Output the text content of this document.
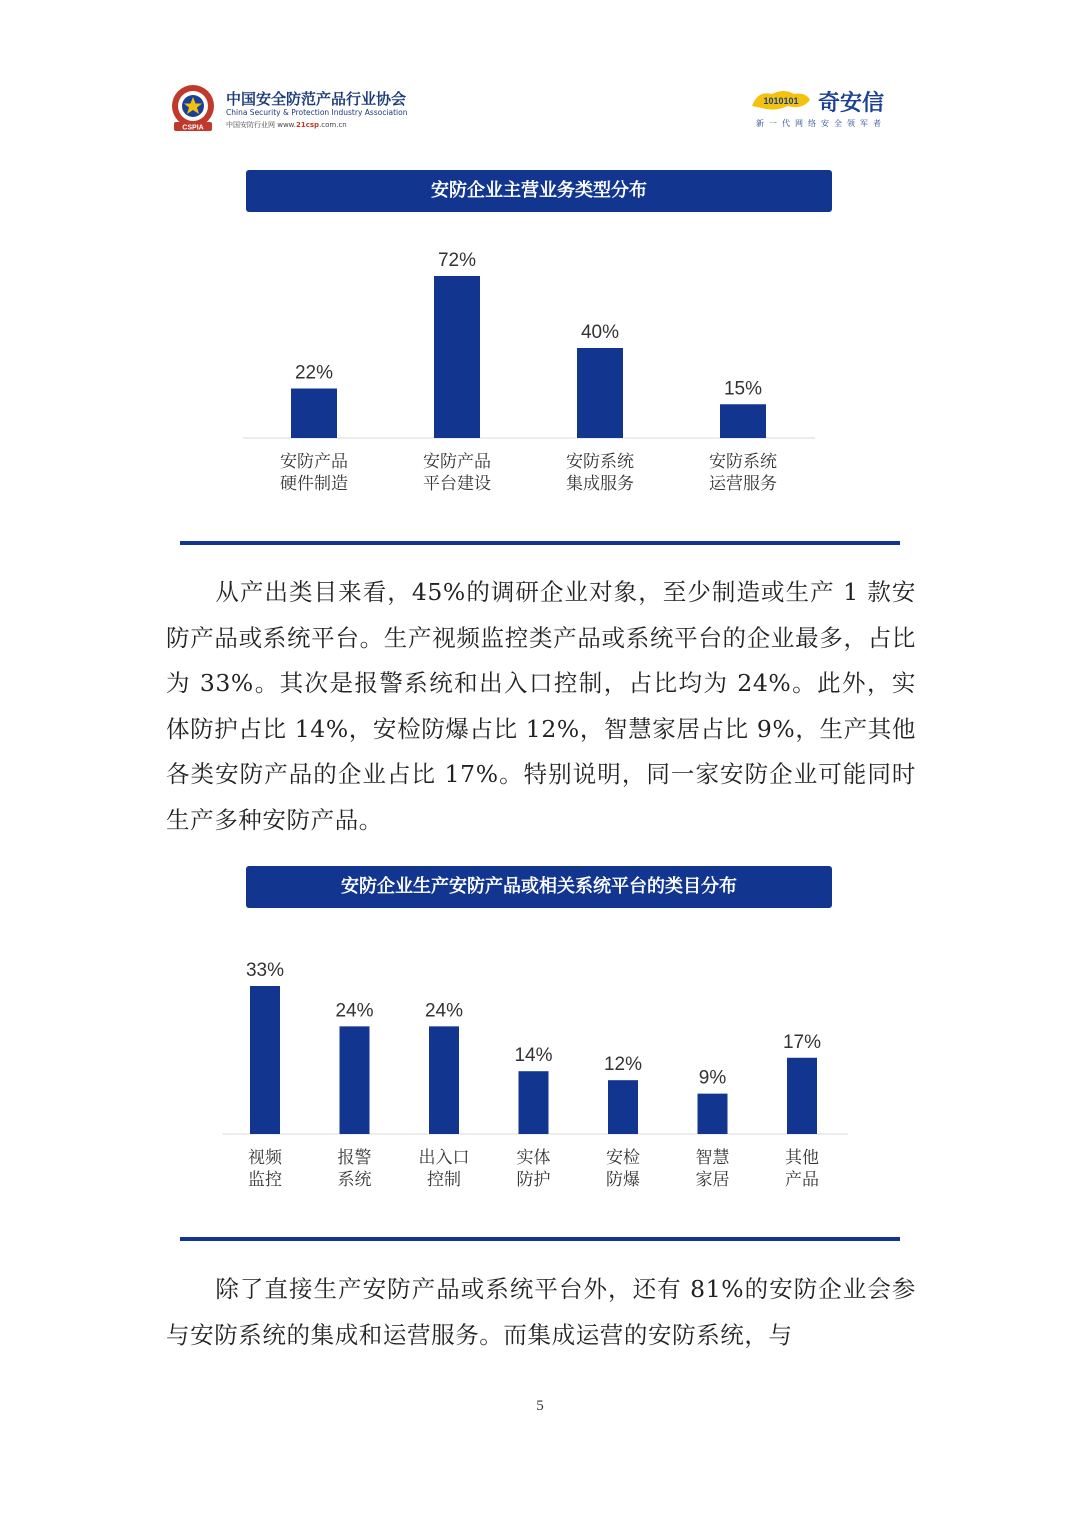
CSPIA
中国安全防范产品行业协会
China Security & Protection Industry Association
中国安防行业网 www.21csp.com.cn
1010101 奇安信
新一代网络安全领军者
安防企业主营业务类型分布
22%
安防产品
硬件制造
72%
安防产品
平台建设
40%
安防系统
集成服务
15%
安防系统
运营服务
从产出类目来看，45%的调研企业对象，至少制造或生产 1 款安防产品或系统平台。生产视频监控类产品或系统平台的企业最多，占比为 33%。其次是报警系统和出入口控制，占比均为 24%。此外，实体防护占比 14%，安检防爆占比 12%，智慧家居占比 9%，生产其他各类安防产品的企业占比 17%。特别说明，同一家安防企业可能同时生产多种安防产品。
安防企业生产安防产品或相关系统平台的类目分布
33%
视频
监控
24%
报警
系统
24%
出入口
控制
14%
实体
防护
12%
安检
防爆
9%
智慧
家居
17%
其他
产品
除了直接生产安防产品或系统平台外，还有 81%的安防企业会参与安防系统的集成和运营服务。而集成运营的安防系统，与
5
